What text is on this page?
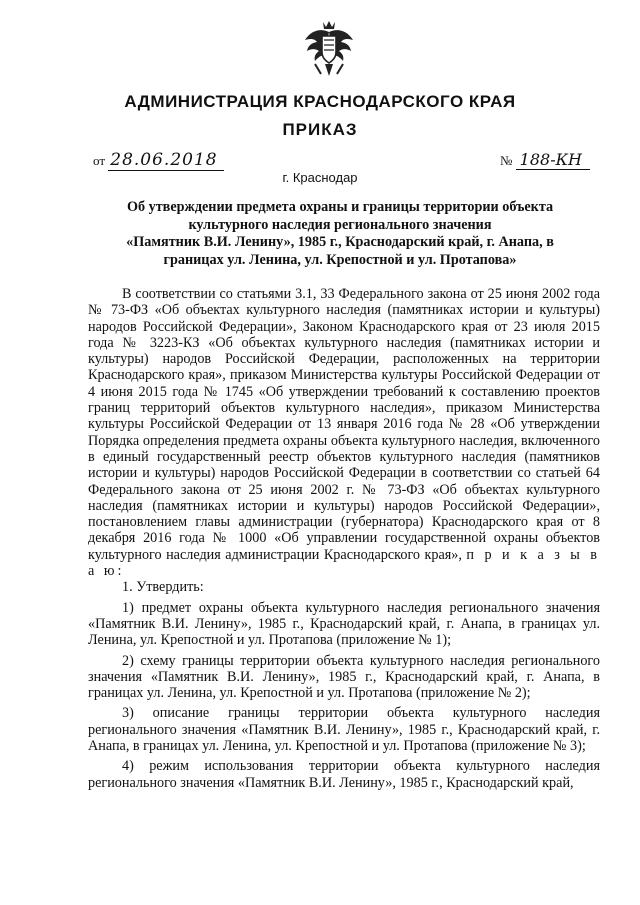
АДМИНИСТРАЦИЯ КРАСНОДАРСКОГО КРАЯ
ПРИКАЗ
от 28.06.2018	№ 188-КН
г. Краснодар
Об утверждении предмета охраны и границы территории объекта
культурного наследия регионального значения
«Памятник В.И. Ленину», 1985 г., Краснодарский край, г. Анапа, в
границах ул. Ленина, ул. Крепостной и ул. Протапова»

В соответствии со статьями 3.1, 33 Федерального закона от 25 июня 2002 года № 73-ФЗ «Об объектах культурного наследия (памятниках истории и культуры) народов Российской Федерации», Законом Краснодарского края от 23 июля 2015 года № 3223-КЗ «Об объектах культурного наследия (памятниках истории и культуры) народов Российской Федерации, расположенных на территории Краснодарского края», приказом Министерства культуры Российской Федерации от 4 июня 2015 года № 1745 «Об утверждении требований к составлению проектов границ территорий объектов культурного наследия», приказом Министерства культуры Российской Федерации от 13 января 2016 года № 28 «Об утверждении Порядка определения предмета охраны объекта культурного наследия, включенного в единый государственный реестр объектов культурного наследия (памятников истории и культуры) народов Российской Федерации в соответствии со статьей 64 Федерального закона от 25 июня 2002 г. № 73-ФЗ «Об объектах культурного наследия (памятниках истории и культуры) народов Российской Федерации», постановлением главы администрации (губернатора) Краснодарского края от 8 декабря 2016 года № 1000 «Об управлении государственной охраны объектов культурного наследия администрации Краснодарского края», п р и к а з ы в а ю:

1. Утвердить:

1) предмет охраны объекта культурного наследия регионального значения «Памятник В.И. Ленину», 1985 г., Краснодарский край, г. Анапа, в границах ул. Ленина, ул. Крепостной и ул. Протапова (приложение № 1);

2) схему границы территории объекта культурного наследия регионального значения «Памятник В.И. Ленину», 1985 г., Краснодарский край, г. Анапа, в границах ул. Ленина, ул. Крепостной и ул. Протапова (приложение № 2);

3) описание границы территории объекта культурного наследия регионального значения «Памятник В.И. Ленину», 1985 г., Краснодарский край, г. Анапа, в границах ул. Ленина, ул. Крепостной и ул. Протапова (приложение № 3);

4) режим использования территории объекта культурного наследия регионального значения «Памятник В.И. Ленину», 1985 г., Краснодарский край,
